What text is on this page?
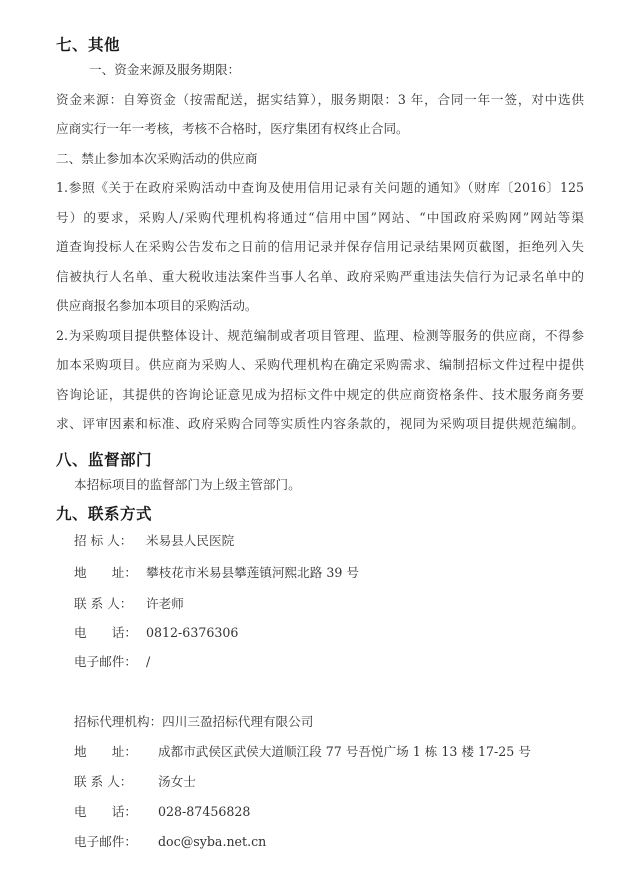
七、其他
一、资金来源及服务期限：
资金来源：自筹资金（按需配送，据实结算），服务期限：3 年，合同一年一签，对中选供
应商实行一年一考核，考核不合格时，医疗集团有权终止合同。
二、禁止参加本次采购活动的供应商
1.参照《关于在政府采购活动中查询及使用信用记录有关问题的通知》（财库〔2016〕125
号）的要求，采购人/采购代理机构将通过“信用中国”网站、“中国政府采购网”网站等渠
道查询投标人在采购公告发布之日前的信用记录并保存信用记录结果网页截图，拒绝列入失
信被执行人名单、重大税收违法案件当事人名单、政府采购严重违法失信行为记录名单中的
供应商报名参加本项目的采购活动。
2.为采购项目提供整体设计、规范编制或者项目管理、监理、检测等服务的供应商，不得参
加本采购项目。供应商为采购人、采购代理机构在确定采购需求、编制招标文件过程中提供
咨询论证，其提供的咨询论证意见成为招标文件中规定的供应商资格条件、技术服务商务要
求、评审因素和标准、政府采购合同等实质性内容条款的，视同为采购项目提供规范编制。
八、监督部门
本招标项目的监督部门为上级主管部门。
九、联系方式
招 标 人： 米易县人民医院
地　　址： 攀枝花市米易县攀莲镇河熙北路 39 号
联 系 人： 许老师
电　　话： 0812-6376306
电子邮件： /
招标代理机构：四川三盈招标代理有限公司
地　　址： 成都市武侯区武侯大道顺江段 77 号吾悦广场 1 栋 13 楼 17-25 号
联 系 人： 汤女士
电　　话： 028-87456828
电子邮件： doc@syba.net.cn
